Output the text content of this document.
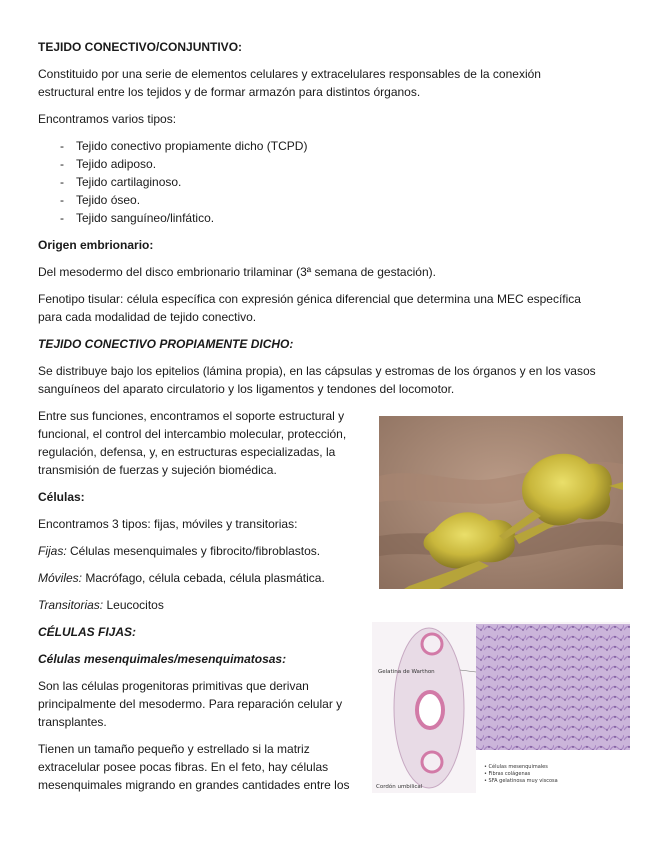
TEJIDO CONECTIVO/CONJUNTIVO:
Constituido por una serie de elementos celulares y extracelulares responsables de la conexión
estructural entre los tejidos y de formar armazón para distintos órganos.
Encontramos varios tipos:
- Tejido conectivo propiamente dicho (TCPD)
- Tejido adiposo.
- Tejido cartilaginoso.
- Tejido óseo.
- Tejido sanguíneo/linfático.
Origen embrionario:
Del mesodermo del disco embrionario trilaminar (3ª semana de gestación).
Fenotipo tisular: célula específica con expresión génica diferencial que determina una MEC específica
para cada modalidad de tejido conectivo.
TEJIDO CONECTIVO PROPIAMENTE DICHO:
Se distribuye bajo los epitelios (lámina propia), en las cápsulas y estromas de los órganos y en los vasos
sanguíneos del aparato circulatorio y los ligamentos y tendones del locomotor.
Entre sus funciones, encontramos el soporte estructural y
funcional, el control del intercambio molecular, protección,
regulación, defensa, y, en estructuras especializadas, la
transmisión de fuerzas y sujeción biomédica.
Células:
Encontramos 3 tipos: fijas, móviles y transitorias:
Fijas: Células mesenquimales y fibrocito/fibroblastos.
Móviles: Macrófago, célula cebada, célula plasmática.
Transitorias: Leucocitos
CÉLULAS FIJAS:
Células mesenquimales/mesenquimatosas:
Son las células progenitoras primitivas que derivan
principalmente del mesodermo. Para reparación celular y
transplantes.
Tienen un tamaño pequeño y estrellado si la matriz
extracelular posee pocas fibras. En el feto, hay células
mesenquimales migrando en grandes cantidades entre los
Gelatina de Warthon
Cordón umbilical
• Células mesenquimales
• Fibras colágenas
• SFA gelatinosa muy viscosa
